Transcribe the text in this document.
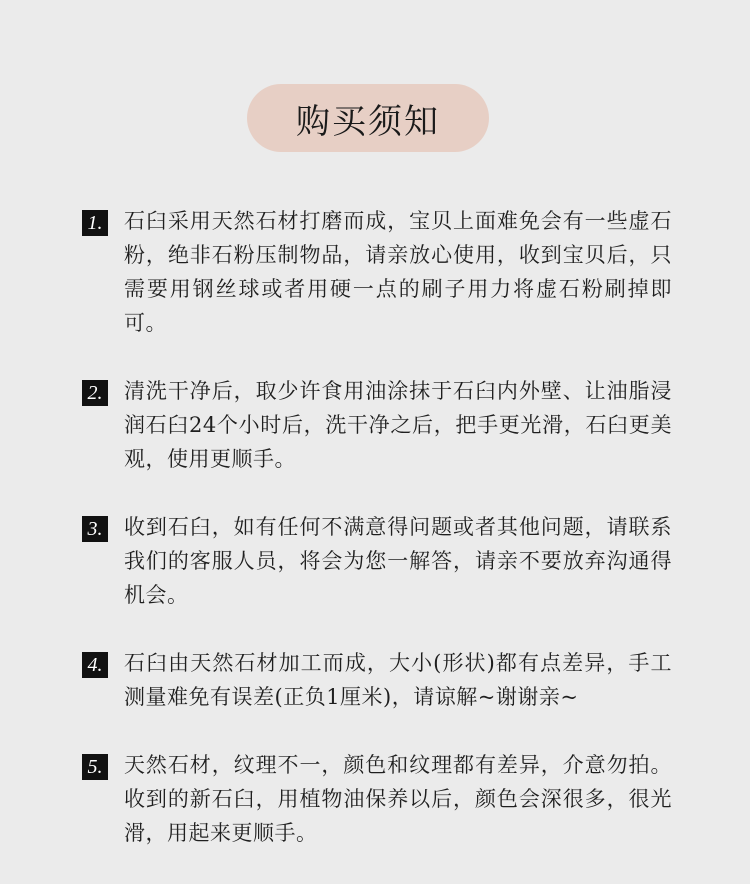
购买须知
1. 石臼采用天然石材打磨而成，宝贝上面难免会有一些虚石粉，绝非石粉压制物品，请亲放心使用，收到宝贝后，只需要用钢丝球或者用硬一点的刷子用力将虚石粉刷掉即可。
2. 清洗干净后，取少许食用油涂抹于石臼内外壁、让油脂浸润石臼24个小时后，洗干净之后，把手更光滑，石臼更美观，使用更顺手。
3. 收到石臼，如有任何不满意得问题或者其他问题，请联系我们的客服人员，将会为您一解答，请亲不要放弃沟通得机会。
4. 石臼由天然石材加工而成，大小(形状)都有点差异，手工测量难免有误差(正负1厘米)，请谅解~谢谢亲~
5. 天然石材，纹理不一，颜色和纹理都有差异，介意勿拍。收到的新石臼，用植物油保养以后，颜色会深很多，很光滑，用起来更顺手。
